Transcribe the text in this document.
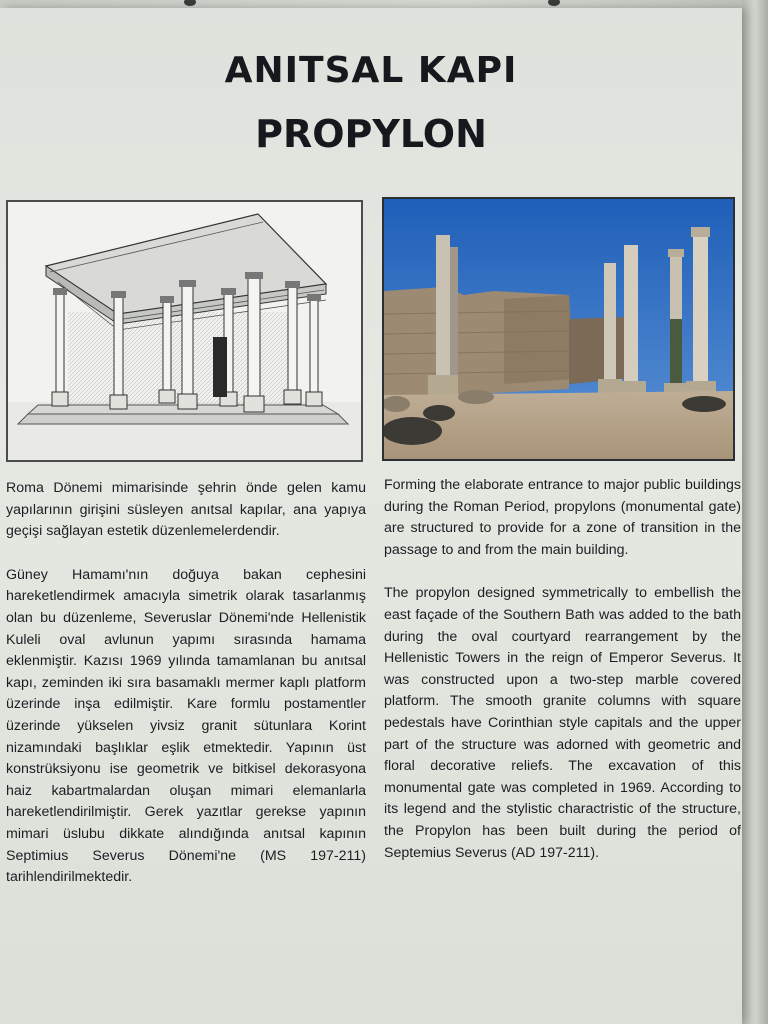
ANITSAL KAPI
PROPYLON

Roma Dönemi mimarisinde şehrin önde gelen kamu yapılarının girişini süsleyen anıtsal kapılar, ana yapıya geçişi sağlayan estetik düzenlemelerdendir.

Güney Hamamı'nın doğuya bakan cephesini hareketlendirmek amacıyla simetrik olarak tasarlanmış olan bu düzenleme, Severuslar Dönemi'nde Hellenistik Kuleli oval avlunun yapımı sırasında hamama eklenmiştir. Kazısı 1969 yılında tamamlanan bu anıtsal kapı, zeminden iki sıra basamaklı mermer kaplı platform üzerinde inşa edilmiştir. Kare formlu postamentler üzerinde yükselen yivsiz granit sütunlara Korint nizamındaki başlıklar eşlik etmektedir. Yapının üst konstrüksiyonu ise geometrik ve bitkisel dekorasyona haiz kabartmalardan oluşan mimari elemanlarla hareketlendirilmiştir. Gerek yazıtlar gerekse yapının mimari üslubu dikkate alındığında anıtsal kapının Septimius Severus Dönemi'ne (MS 197-211) tarihlendirilmektedir.

Forming the elaborate entrance to major public buildings during the Roman Period, propylons (monumental gate) are structured to provide for a zone of transition in the passage to and from the main building.

The propylon designed symmetrically to embellish the east façade of the Southern Bath was added to the bath during the oval courtyard rearrangement by the Hellenistic Towers in the reign of Emperor Severus. It was constructed upon a two-step marble covered platform. The smooth granite columns with square pedestals have Corinthian style capitals and the upper part of the structure was adorned with geometric and floral decorative reliefs. The excavation of this monumental gate was completed in 1969. According to its legend and the stylistic charactristic of the structure, the Propylon has been built during the period of Septemius Severus (AD 197-211).
